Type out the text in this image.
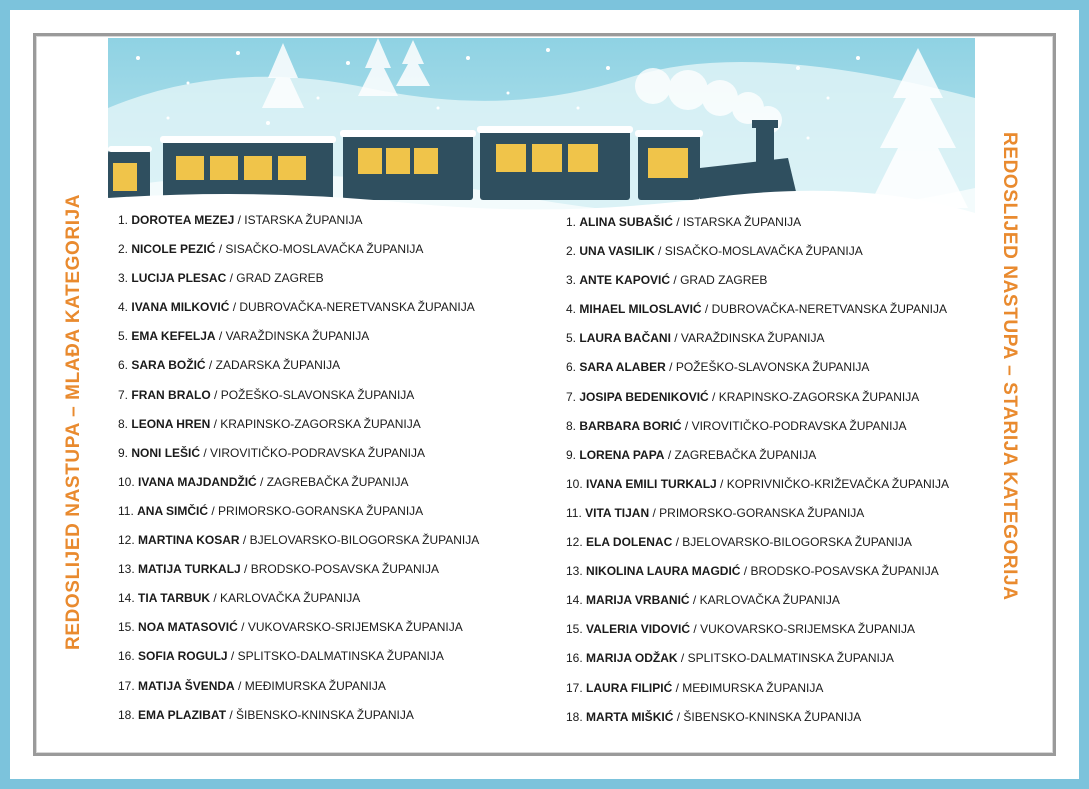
REDOSLIJED NASTUPA – MLAĐA KATEGORIJA	REDOSLIJED NASTUPA – STARIJA KATEGORIJA
1. DOROTEA MEZEJ / ISTARSKA ŽUPANIJA
2. NICOLE PEZIĆ / SISAČKO-MOSLAVAČKA ŽUPANIJA
3. LUCIJA PLESAC / GRAD ZAGREB
4. IVANA MILKOVIĆ / DUBROVAČKA-NERETVANSKA ŽUPANIJA
5. EMA KEFELJA / VARAŽDINSKA ŽUPANIJA
6. SARA BOŽIĆ / ZADARSKA ŽUPANIJA
7. FRAN BRALO / POŽEŠKO-SLAVONSKA ŽUPANIJA
8. LEONA HREN / KRAPINSKO-ZAGORSKA ŽUPANIJA
9. NONI LEŠIĆ / VIROVITIČKO-PODRAVSKA ŽUPANIJA
10. IVANA MAJDANDŽIĆ / ZAGREBAČKA ŽUPANIJA
11. ANA SIMČIĆ / PRIMORSKO-GORANSKA ŽUPANIJA
12. MARTINA KOSAR / BJELOVARSKO-BILOGORSKA ŽUPANIJA
13. MATIJA TURKALJ / BRODSKO-POSAVSKA ŽUPANIJA
14. TIA TARBUK / KARLOVAČKA ŽUPANIJA
15. NOA MATASOVIĆ / VUKOVARSKO-SRIJEMSKA ŽUPANIJA
16. SOFIA ROGULJ / SPLITSKO-DALMATINSKA ŽUPANIJA
17. MATIJA ŠVENDA / MEĐIMURSKA ŽUPANIJA
18. EMA PLAZIBAT / ŠIBENSKO-KNINSKA ŽUPANIJA
1. ALINA SUBAŠIĆ / ISTARSKA ŽUPANIJA
2. UNA VASILIK / SISAČKO-MOSLAVAČKA ŽUPANIJA
3. ANTE KAPOVIĆ / GRAD ZAGREB
4. MIHAEL MILOSLAVIĆ / DUBROVAČKA-NERETVANSKA ŽUPANIJA
5. LAURA BAČANI / VARAŽDINSKA ŽUPANIJA
6. SARA ALABER / POŽEŠKO-SLAVONSKA ŽUPANIJA
7. JOSIPA BEDENIKOVIĆ / KRAPINSKO-ZAGORSKA ŽUPANIJA
8. BARBARA BORIĆ / VIROVITIČKO-PODRAVSKA ŽUPANIJA
9. LORENA PAPA / ZAGREBAČKA ŽUPANIJA
10. IVANA EMILI TURKALJ / KOPRIVNIČKO-KRIŽEVAČKA ŽUPANIJA
11. VITA TIJAN / PRIMORSKO-GORANSKA ŽUPANIJA
12. ELA DOLENAC / BJELOVARSKO-BILOGORSKA ŽUPANIJA
13. NIKOLINA LAURA MAGDIĆ / BRODSKO-POSAVSKA ŽUPANIJA
14. MARIJA VRBANIĆ / KARLOVAČKA ŽUPANIJA
15. VALERIA VIDOVIĆ / VUKOVARSKO-SRIJEMSKA ŽUPANIJA
16. MARIJA ODŽAK / SPLITSKO-DALMATINSKA ŽUPANIJA
17. LAURA FILIPIĆ / MEĐIMURSKA ŽUPANIJA
18. MARTA MIŠKIĆ / ŠIBENSKO-KNINSKA ŽUPANIJA
